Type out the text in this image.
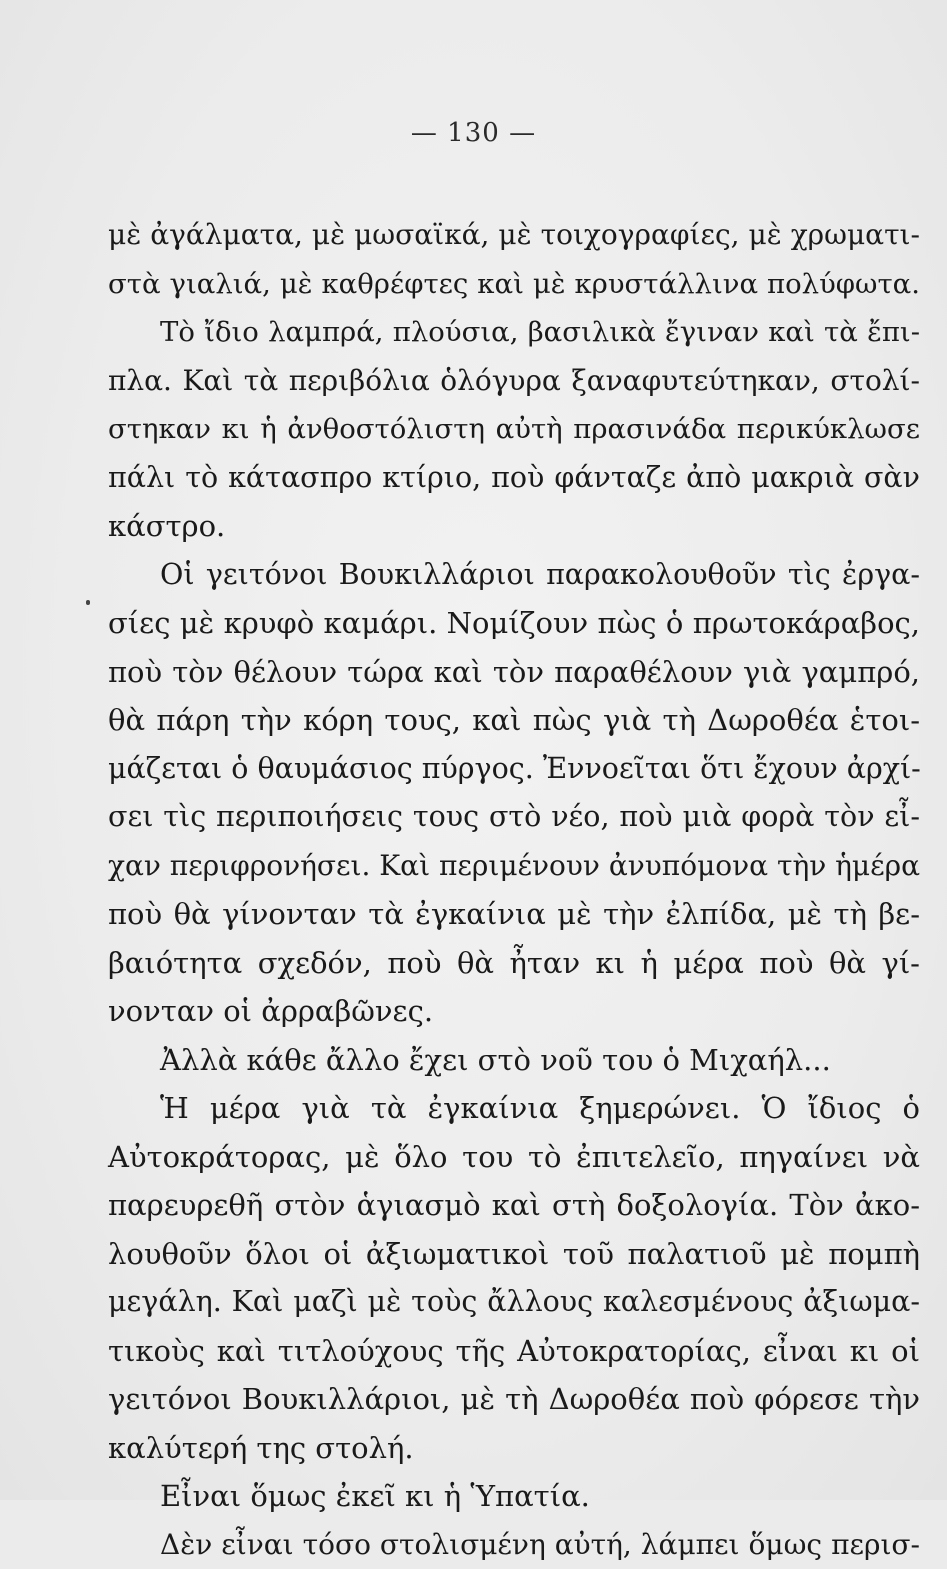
— 130 —
μὲ ἀγάλματα, μὲ μωσαϊκά, μὲ τοιχογραφίες, μὲ χρωματι-
στὰ γιαλιά, μὲ καθρέφτες καὶ μὲ κρυστάλλινα πολύφωτα.
Τὸ ἴδιο λαμπρά, πλούσια, βασιλικὰ ἔγιναν καὶ τὰ ἔπι-
πλα. Καὶ τὰ περιβόλια ὁλόγυρα ξαναφυτεύτηκαν, στολί-
στηκαν κι ἡ ἀνθοστόλιστη αὐτὴ πρασινάδα περικύκλωσε
πάλι τὸ κάτασπρο κτίριο, ποὺ φάνταζε ἀπὸ μακριὰ σὰν
κάστρο.
Οἱ γειτόνοι Βουκιλλάριοι παρακολουθοῦν τὶς ἐργα-
σίες μὲ κρυφὸ καμάρι. Νομίζουν πὼς ὁ πρωτοκάραβος,
ποὺ τὸν θέλουν τώρα καὶ τὸν παραθέλουν γιὰ γαμπρό,
θὰ πάρη τὴν κόρη τους, καὶ πὼς γιὰ τὴ Δωροθέα ἑτοι-
μάζεται ὁ θαυμάσιος πύργος. Ἐννοεῖται ὅτι ἔχουν ἀρχί-
σει τὶς περιποιήσεις τους στὸ νέο, ποὺ μιὰ φορὰ τὸν εἶ-
χαν περιφρονήσει. Καὶ περιμένουν ἀνυπόμονα τὴν ἡμέρα
ποὺ θὰ γίνονταν τὰ ἐγκαίνια μὲ τὴν ἐλπίδα, μὲ τὴ βε-
βαιότητα σχεδόν, ποὺ θὰ ἦταν κι ἡ μέρα ποὺ θὰ γί-
νονταν οἱ ἀρραβῶνες.
Ἀλλὰ κάθε ἄλλο ἔχει στὸ νοῦ του ὁ Μιχαήλ...
Ἡ μέρα γιὰ τὰ ἐγκαίνια ξημερώνει. Ὁ ἴδιος ὁ
Αὐτοκράτορας, μὲ ὅλο του τὸ ἐπιτελεῖο, πηγαίνει νὰ
παρευρεθῆ στὸν ἁγιασμὸ καὶ στὴ δοξολογία. Τὸν ἀκο-
λουθοῦν ὅλοι οἱ ἀξιωματικοὶ τοῦ παλατιοῦ μὲ πομπὴ
μεγάλη. Καὶ μαζὶ μὲ τοὺς ἄλλους καλεσμένους ἀξιωμα-
τικοὺς καὶ τιτλούχους τῆς Αὐτοκρατορίας, εἶναι κι οἱ
γειτόνοι Βουκιλλάριοι, μὲ τὴ Δωροθέα ποὺ φόρεσε τὴν
καλύτερή της στολή.
Εἶναι ὅμως ἐκεῖ κι ἡ Ὑπατία.
Δὲν εἶναι τόσο στολισμένη αὐτή, λάμπει ὅμως περισ-
